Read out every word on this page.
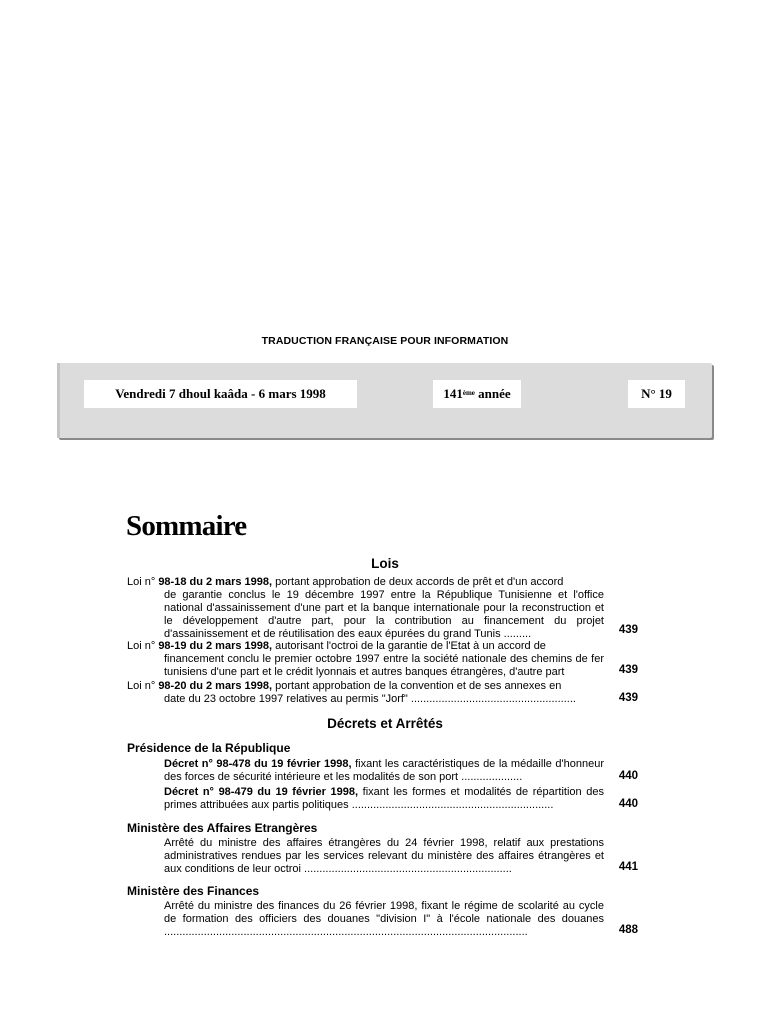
TRADUCTION FRANÇAISE POUR INFORMATION
Vendredi 7 dhoul kaâda - 6 mars 1998	141ème
année	N° 19
Sommaire
Lois
Loi n° 98-18 du 2 mars 1998, portant approbation de deux accords de prêt et d'un accord
de garantie conclus le 19 décembre 1997 entre la République Tunisienne et l'office national d'assainissement d'une part et la banque internationale pour la reconstruction et le développement d'autre part, pour la contribution au financement du projet d'assainissement et de réutilisation des eaux épurées du grand Tunis .........	439
Loi n° 98-19 du 2 mars 1998, autorisant l'octroi de la garantie de l'Etat à un accord de
financement conclu le premier octobre 1997 entre la société nationale des chemins de fer tunisiens d'une part et le crédit lyonnais et autres banques étrangères, d'autre part	439
Loi n° 98-20 du 2 mars 1998, portant approbation de la convention et de ses annexes en
date du 23 octobre 1997 relatives au permis "Jorf" ......................................................	439
Décrets et Arrêtés
Présidence de la République
Décret n° 98-478 du 19 février 1998, fixant les caractéristiques de la médaille d'honneur des forces de sécurité intérieure et les modalités de son port ....................	440
Décret n° 98-479 du 19 février 1998, fixant les formes et modalités de répartition des primes attribuées aux partis politiques ..................................................................	440
Ministère des Affaires Etrangères
Arrêté du ministre des affaires étrangères du 24 février 1998, relatif aux prestations administratives rendues par les services relevant du ministère des affaires étrangères et aux conditions de leur octroi ....................................................................	441
Ministère des Finances
Arrêté du ministre des finances du 26 février 1998, fixant le régime de scolarité au cycle de formation des officiers des douanes "division I" à l'école nationale des douanes .......................................................................................................................	488
